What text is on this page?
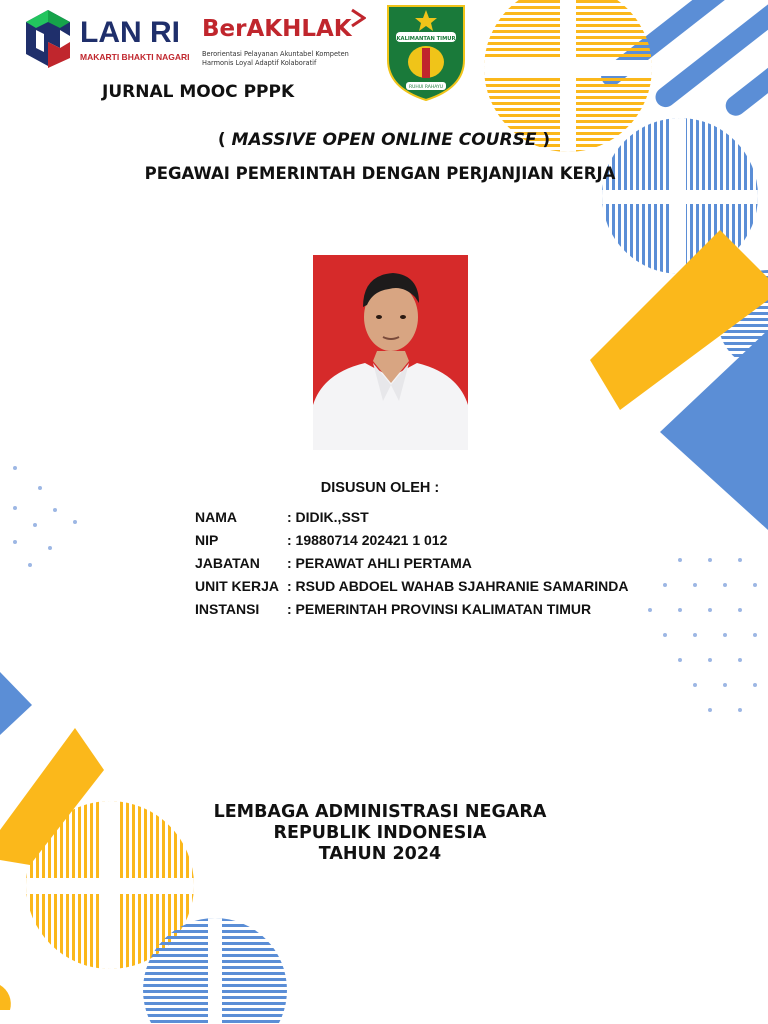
LAN RI
MAKARTI BHAKTI NAGARI
BerAKHLAK
Berorientasi Pelayanan Akuntabel Kompeten
Harmonis Loyal Adaptif Kolaboratif
KALIMANTAN TIMUR
RUHUI RAHAYU
JURNAL MOOC PPPK
( MASSIVE OPEN ONLINE COURSE )
PEGAWAI PEMERINTAH DENGAN PERJANJIAN KERJA
DISUSUN OLEH :
NAMA	: DIDIK.,SST
NIP	: 19880714 202421 1 012
JABATAN	: PERAWAT AHLI PERTAMA
UNIT KERJA : RSUD ABDOEL WAHAB SJAHRANIE SAMARINDA
INSTANSI	: PEMERINTAH PROVINSI KALIMATAN TIMUR
LEMBAGA ADMINISTRASI NEGARA
REPUBLIK INDONESIA
TAHUN 2024
